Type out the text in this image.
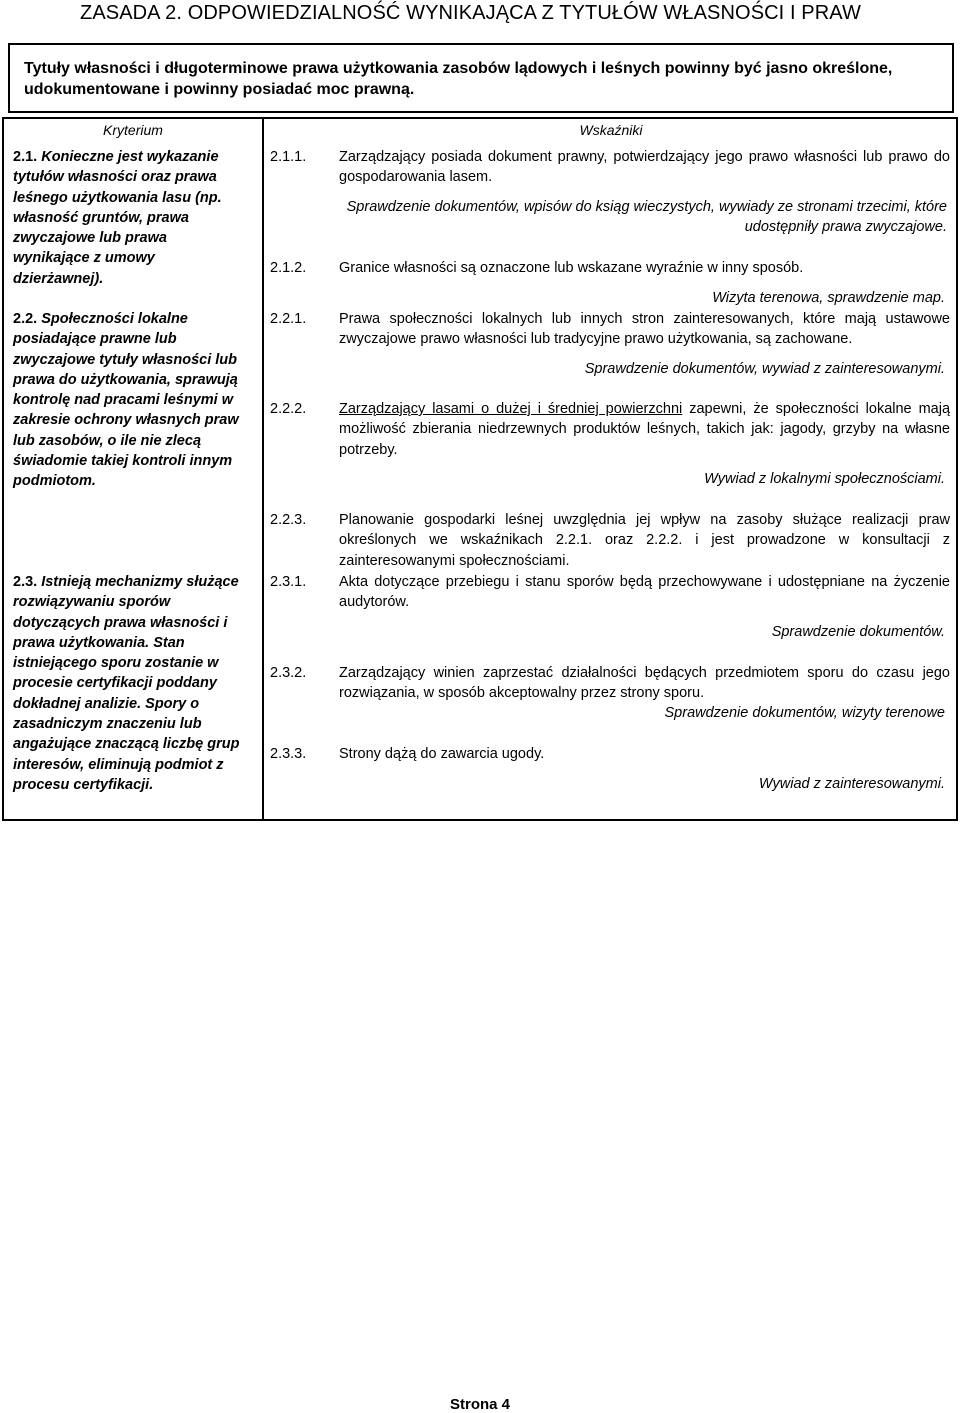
ZASADA 2. ODPOWIEDZIALNOŚĆ WYNIKAJĄCA Z TYTUŁÓW WŁASNOŚCI I PRAW
Tytuły własności i długoterminowe prawa użytkowania zasobów lądowych i leśnych powinny być jasno określone, udokumentowane i powinny posiadać moc prawną.
Kryterium	Wskaźniki
2.1. Konieczne jest wykazanie tytułów własności oraz prawa leśnego użytkowania lasu (np. własność gruntów, prawa zwyczajowe lub prawa wynikające z umowy dzierżawnej).
2.2. Społeczności lokalne posiadające prawne lub zwyczajowe tytuły własności lub prawa do użytkowania, sprawują kontrolę nad pracami leśnymi w zakresie ochrony własnych praw lub zasobów, o ile nie zlecą świadomie takiej kontroli innym podmiotom.
2.3. Istnieją mechanizmy służące rozwiązywaniu sporów dotyczących prawa własności i prawa użytkowania. Stan istniejącego sporu zostanie w procesie certyfikacji poddany dokładnej analizie. Spory o zasadniczym znaczeniu lub angażujące znaczącą liczbę grup interesów, eliminują podmiot z procesu certyfikacji.
2.1.1. Zarządzający posiada dokument prawny, potwierdzający jego prawo własności lub prawo do gospodarowania lasem.
Sprawdzenie dokumentów, wpisów do ksiąg wieczystych, wywiady ze stronami trzecimi, które udostępniły prawa zwyczajowe.
2.1.2. Granice własności są oznaczone lub wskazane wyraźnie w inny sposób.
Wizyta terenowa, sprawdzenie map.
2.2.1. Prawa społeczności lokalnych lub innych stron zainteresowanych, które mają ustawowe zwyczajowe prawo własności lub tradycyjne prawo użytkowania, są zachowane.
Sprawdzenie dokumentów, wywiad z zainteresowanymi.
2.2.2. Zarządzający lasami o dużej i średniej powierzchni zapewni, że społeczności lokalne mają możliwość zbierania niedrzewnych produktów leśnych, takich jak: jagody, grzyby na własne potrzeby.
Wywiad z lokalnymi społecznościami.
2.2.3. Planowanie gospodarki leśnej uwzględnia jej wpływ na zasoby służące realizacji praw określonych we wskaźnikach 2.2.1. oraz 2.2.2. i jest prowadzone w konsultacji z zainteresowanymi społecznościami.
2.3.1. Akta dotyczące przebiegu i stanu sporów będą przechowywane i udostępniane na życzenie audytorów.
Sprawdzenie dokumentów.
2.3.2. Zarządzający winien zaprzestać działalności będących przedmiotem sporu do czasu jego rozwiązania, w sposób akceptowalny przez strony sporu.
Sprawdzenie dokumentów, wizyty terenowe
2.3.3. Strony dążą do zawarcia ugody.
Wywiad z zainteresowanymi.
Strona 4
